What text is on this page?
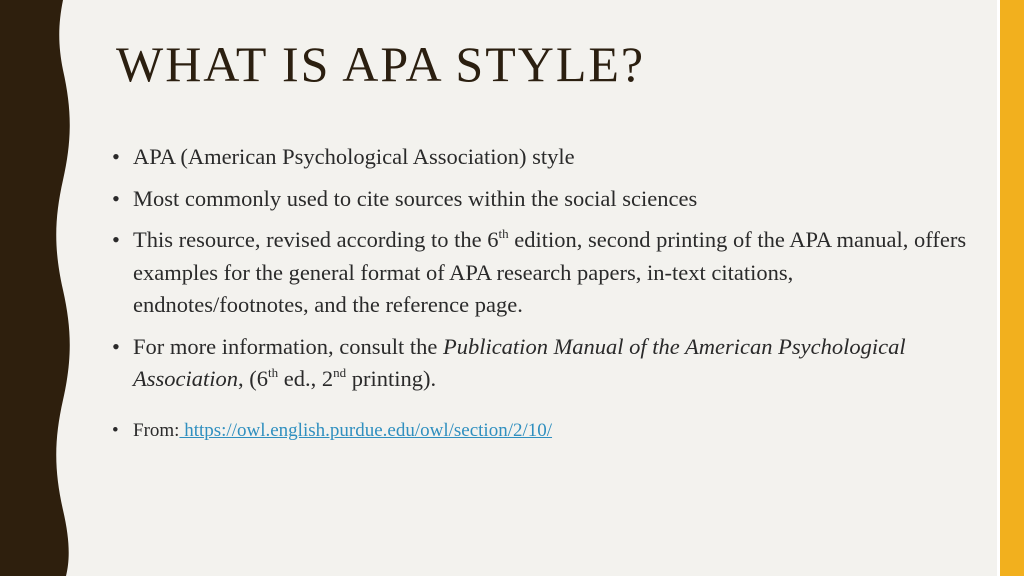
WHAT IS APA STYLE?
• APA (American Psychological Association) style
• Most commonly used to cite sources within the social sciences
• This resource, revised according to the 6th edition, second printing of the APA manual, offers examples for the general format of APA research papers, in-text citations, endnotes/footnotes, and the reference page.
• For more information, consult the Publication Manual of the American Psychological Association, (6th ed., 2nd printing).
• From: https://owl.english.purdue.edu/owl/section/2/10/
